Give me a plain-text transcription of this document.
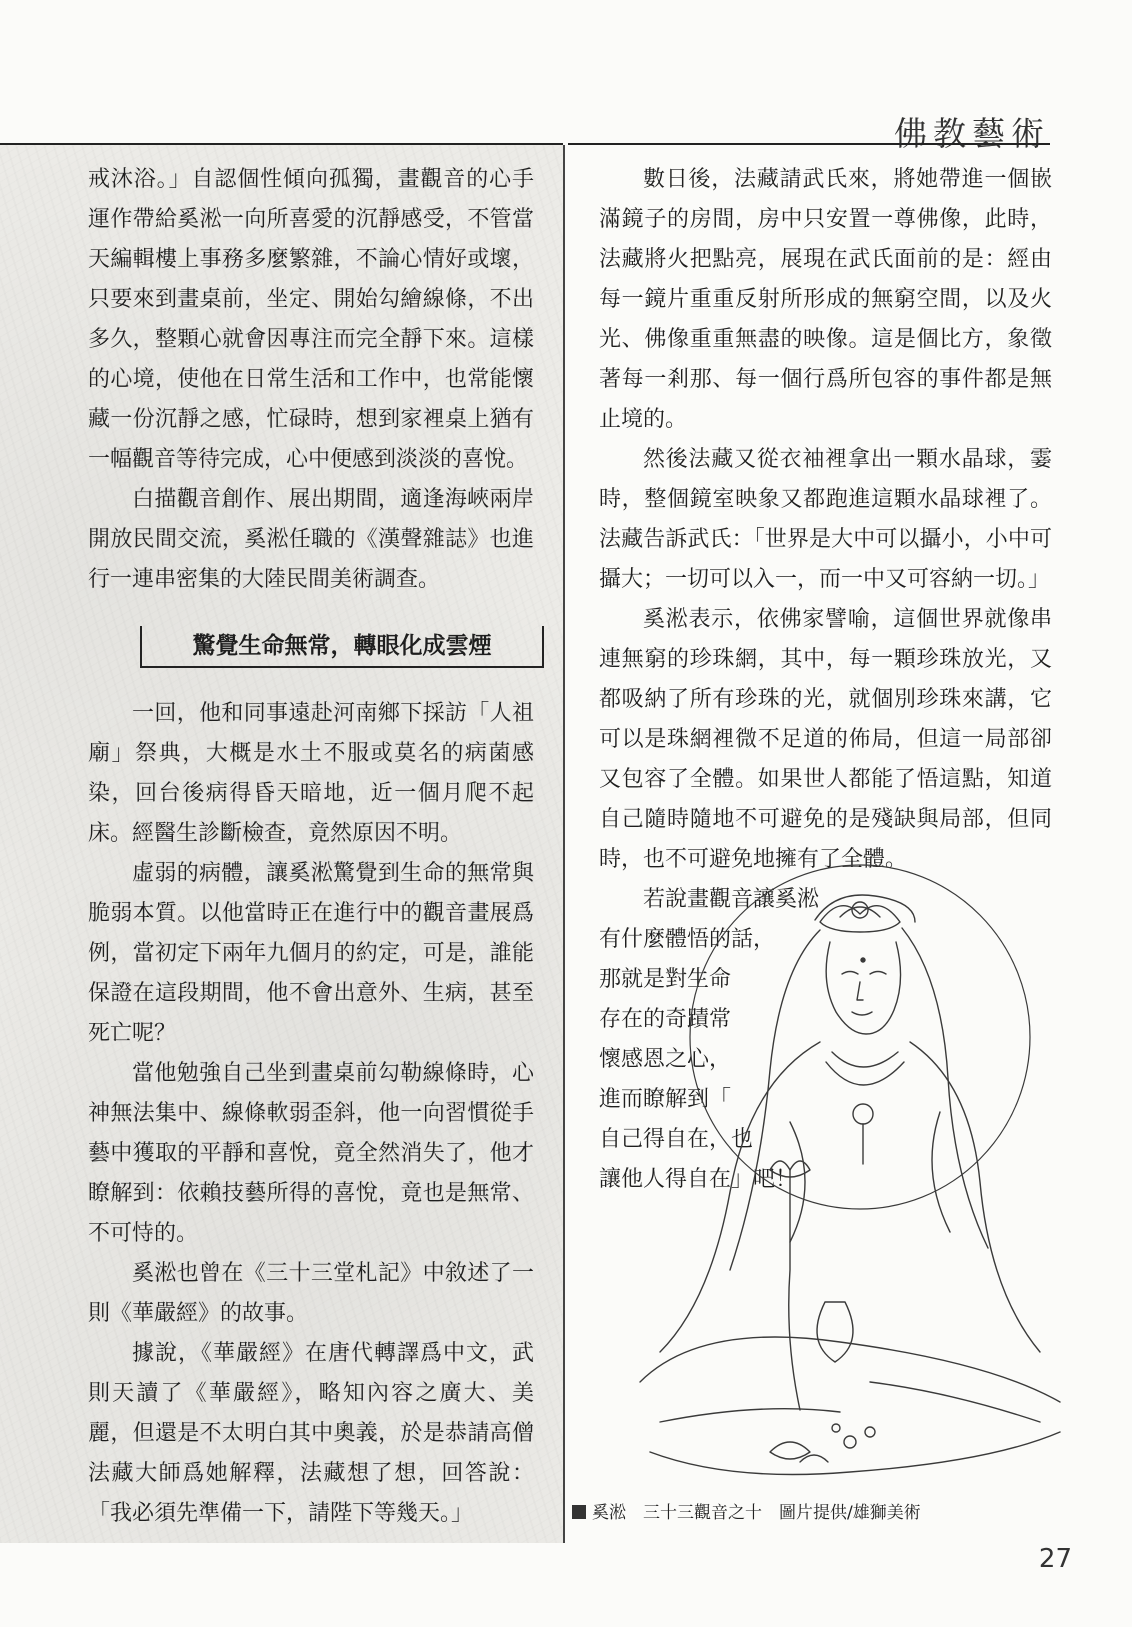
佛教藝術

戒沐浴。」自認個性傾向孤獨，畫觀音的心手運作帶給奚淞一向所喜愛的沉靜感受，不管當天編輯樓上事務多麼繁雜，不論心情好或壞，只要來到畫桌前，坐定、開始勾繪線條，不出多久，整顆心就會因專注而完全靜下來。這樣的心境，使他在日常生活和工作中，也常能懷藏一份沉靜之感，忙碌時，想到家裡桌上猶有一幅觀音等待完成，心中便感到淡淡的喜悅。

白描觀音創作、展出期間，適逢海峽兩岸開放民間交流，奚淞任職的《漢聲雜誌》也進行一連串密集的大陸民間美術調查。

驚覺生命無常，轉眼化成雲煙

一回，他和同事遠赴河南鄉下採訪「人祖廟」祭典，大概是水土不服或莫名的病菌感染，回台後病得昏天暗地，近一個月爬不起床。經醫生診斷檢查，竟然原因不明。

虛弱的病體，讓奚淞驚覺到生命的無常與脆弱本質。以他當時正在進行中的觀音畫展爲例，當初定下兩年九個月的約定，可是，誰能保證在這段期間，他不會出意外、生病，甚至死亡呢？

當他勉強自己坐到畫桌前勾勒線條時，心神無法集中、線條軟弱歪斜，他一向習慣從手藝中獲取的平靜和喜悅，竟全然消失了，他才瞭解到：依賴技藝所得的喜悅，竟也是無常、不可恃的。

奚淞也曾在《三十三堂札記》中敘述了一則《華嚴經》的故事。

據說，《華嚴經》在唐代轉譯爲中文，武則天讀了《華嚴經》，略知內容之廣大、美麗，但還是不太明白其中奧義，於是恭請高僧法藏大師爲她解釋，法藏想了想，回答說：「我必須先準備一下，請陛下等幾天。」

數日後，法藏請武氏來，將她帶進一個嵌滿鏡子的房間，房中只安置一尊佛像，此時，法藏將火把點亮，展現在武氏面前的是：經由每一鏡片重重反射所形成的無窮空間，以及火光、佛像重重無盡的映像。這是個比方，象徵著每一剎那、每一個行爲所包容的事件都是無止境的。

然後法藏又從衣袖裡拿出一顆水晶球，霎時，整個鏡室映象又都跑進這顆水晶球裡了。法藏告訴武氏：「世界是大中可以攝小，小中可攝大；一切可以入一，而一中又可容納一切。」

奚淞表示，依佛家譬喻，這個世界就像串連無窮的珍珠網，其中，每一顆珍珠放光，又都吸納了所有珍珠的光，就個別珍珠來講，它可以是珠網裡微不足道的佈局，但這一局部卻又包容了全體。如果世人都能了悟這點，知道自己隨時隨地不可避免的是殘缺與局部，但同時，也不可避免地擁有了全體。

若說畫觀音讓奚淞
有什麼體悟的話，
那就是對生命
存在的奇蹟常
懷感恩之心，
進而瞭解到「
自己得自在，也
讓他人得自在」吧！
奚淞　三十三觀音之十　圖片提供/雄獅美術
27
